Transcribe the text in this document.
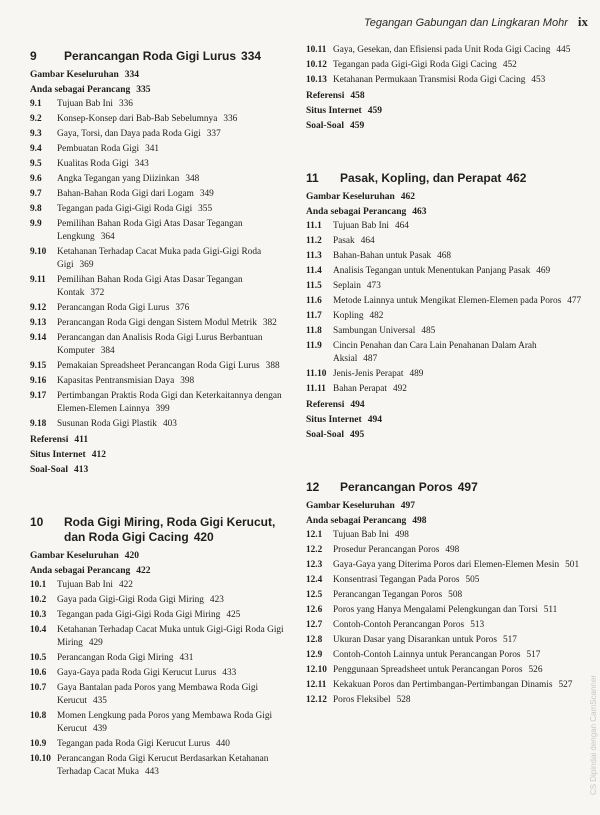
Tegangan Gabungan dan Lingkaran Mohr ix
9	Perancangan Roda Gigi Lurus 334
Gambar Keseluruhan 334
Anda sebagai Perancang 335
9.1	Tujuan Bab Ini 336
9.2	Konsep-Konsep dari Bab-Bab Sebelumnya 336
9.3	Gaya, Torsi, dan Daya pada Roda Gigi 337
9.4	Pembuatan Roda Gigi 341
9.5	Kualitas Roda Gigi 343
9.6	Angka Tegangan yang Diizinkan 348
9.7	Bahan-Bahan Roda Gigi dari Logam 349
9.8	Tegangan pada Gigi-Gigi Roda Gigi 355
9.9	Pemilihan Bahan Roda Gigi Atas Dasar Tegangan Lengkung 364
9.10	Ketahanan Terhadap Cacat Muka pada Gigi-Gigi Roda Gigi 369
9.11	Pemilihan Bahan Roda Gigi Atas Dasar Tegangan Kontak 372
9.12	Perancangan Roda Gigi Lurus 376
9.13	Perancangan Roda Gigi dengan Sistem Modul Metrik 382
9.14	Perancangan dan Analisis Roda Gigi Lurus Berbantuan Komputer 384
9.15	Pemakaian Spreadsheet Perancangan Roda Gigi Lurus 388
9.16	Kapasitas Pentransmisian Daya 398
9.17	Pertimbangan Praktis Roda Gigi dan Keterkaitannya dengan Elemen-Elemen Lainnya 399
9.18	Susunan Roda Gigi Plastik 403
Referensi 411
Situs Internet 412
Soal-Soal 413
10	Roda Gigi Miring, Roda Gigi Kerucut, dan Roda Gigi Cacing 420
Gambar Keseluruhan 420
Anda sebagai Perancang 422
10.1	Tujuan Bab Ini 422
10.2	Gaya pada Gigi-Gigi Roda Gigi Miring 423
10.3	Tegangan pada Gigi-Gigi Roda Gigi Miring 425
10.4	Ketahanan Terhadap Cacat Muka untuk Gigi-Gigi Roda Gigi Miring 429
10.5	Perancangan Roda Gigi Miring 431
10.6	Gaya-Gaya pada Roda Gigi Kerucut Lurus 433
10.7	Gaya Bantalan pada Poros yang Membawa Roda Gigi Kerucut 435
10.8	Momen Lengkung pada Poros yang Membawa Roda Gigi Kerucut 439
10.9	Tegangan pada Roda Gigi Kerucut Lurus 440
10.10 Perancangan Roda Gigi Kerucut Berdasarkan Ketahanan Terhadap Cacat Muka 443
10.11 Gaya, Gesekan, dan Efisiensi pada Unit Roda Gigi Cacing 445
10.12 Tegangan pada Gigi-Gigi Roda Gigi Cacing 452
10.13 Ketahanan Permukaan Transmisi Roda Gigi Cacing 453
Referensi 458
Situs Internet 459
Soal-Soal 459
11	Pasak, Kopling, dan Perapat 462
Gambar Keseluruhan 462
Anda sebagai Perancang 463
11.1	Tujuan Bab Ini 464
11.2	Pasak 464
11.3	Bahan-Bahan untuk Pasak 468
11.4	Analisis Tegangan untuk Menentukan Panjang Pasak 469
11.5	Seplain 473
11.6	Metode Lainnya untuk Mengikat Elemen-Elemen pada Poros 477
11.7	Kopling 482
11.8	Sambungan Universal 485
11.9	Cincin Penahan dan Cara Lain Penahanan Dalam Arah Aksial 487
11.10 Jenis-Jenis Perapat 489
11.11 Bahan Perapat 492
Referensi 494
Situs Internet 494
Soal-Soal 495
12	Perancangan Poros 497
Gambar Keseluruhan 497
Anda sebagai Perancang 498
12.1	Tujuan Bab Ini 498
12.2	Prosedur Perancangan Poros 498
12.3	Gaya-Gaya yang Diterima Poros dari Elemen-Elemen Mesin 501
12.4	Konsentrasi Tegangan Pada Poros 505
12.5	Perancangan Tegangan Poros 508
12.6	Poros yang Hanya Mengalami Pelengkungan dan Torsi 511
12.7	Contoh-Contoh Perancangan Poros 513
12.8	Ukuran Dasar yang Disarankan untuk Poros 517
12.9	Contoh-Contoh Lainnya untuk Perancangan Poros 517
12.10 Penggunaan Spreadsheet untuk Perancangan Poros 526
12.11 Kekakuan Poros dan Pertimbangan-Pertimbangan Dinamis 527
12.12 Poros Fleksibel 528	CS Dipindai dengan CamScanner
